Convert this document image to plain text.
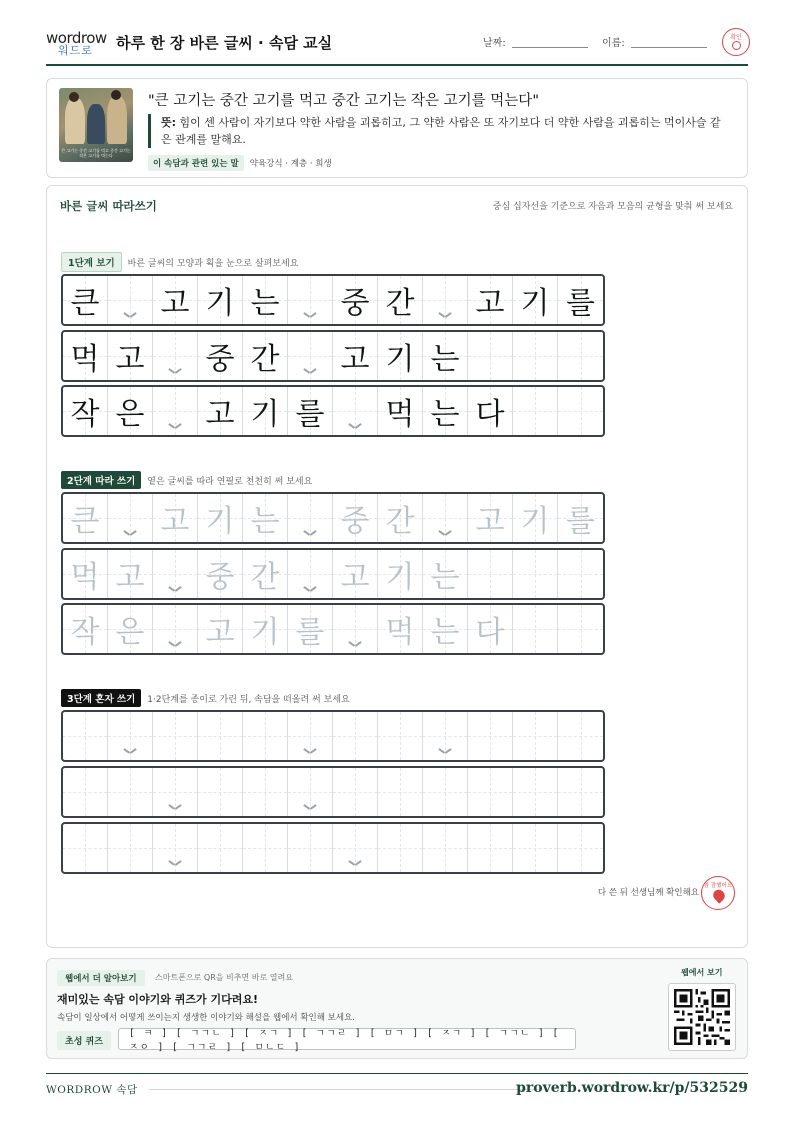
wordrow
워드로 하루 한 장 바른 글씨 · 속담 교실	날짜:	이름:
확인
큰 고기는 중간 고기를 먹고 중간 고기는 작은 고기를 먹는다
"큰 고기는 중간 고기를 먹고 중간 고기는 작은 고기를 먹는다"
뜻: 힘이 센 사람이 자기보다 약한 사람을 괴롭히고, 그 약한 사람은 또 자기보다 더 약한 사람을 괴롭히는 먹이사슬 같은 관계를 말해요.
이 속담과 관련 있는 말	약육강식 · 계층 · 희생
바른 글씨 따라쓰기	중심 십자선을 기준으로 자음과 모음의 균형을 맞춰 써 보세요
1단계 보기	바른 글씨의 모양과 획을 눈으로 살펴보세요
큰 고 기 는 중 간 고 기 를
먹 고 중 간 고 기 는
작 은 고 기 를 먹 는 다
2단계 따라 쓰기	옅은 글씨를 따라 연필로 천천히 써 보세요
큰 고 기 는 중 간 고 기 를
먹 고 중 간 고 기 는
작 은 고 기 를 먹 는 다
3단계 혼자 쓰기	1·2단계를 종이로 가린 뒤, 속담을 떠올려 써 보세요
다 쓴 뒤 선생님께 확인해요
참 잘했어요
웹에서 더 알아보기	스마트폰으로 QR을 비추면 바로 열려요
재미있는 속담 이야기와 퀴즈가 기다려요!
속담이 일상에서 어떻게 쓰이는지 생생한 이야기와 해설을 웹에서 확인해 보세요.
초성 퀴즈
[ ㅋ ] [ ㄱㄱㄴ ] [ ㅈㄱ ] [ ㄱㄱㄹ ] [ ㅁㄱ ] [ ㅈㄱ ] [ ㄱㄱㄴ ] [ ㅈㅇ ] [ ㄱㄱㄹ ] [ ㅁㄴㄷ ]
웹에서 보기
WORDROW 속담	proverb.wordrow.kr/p/532529
